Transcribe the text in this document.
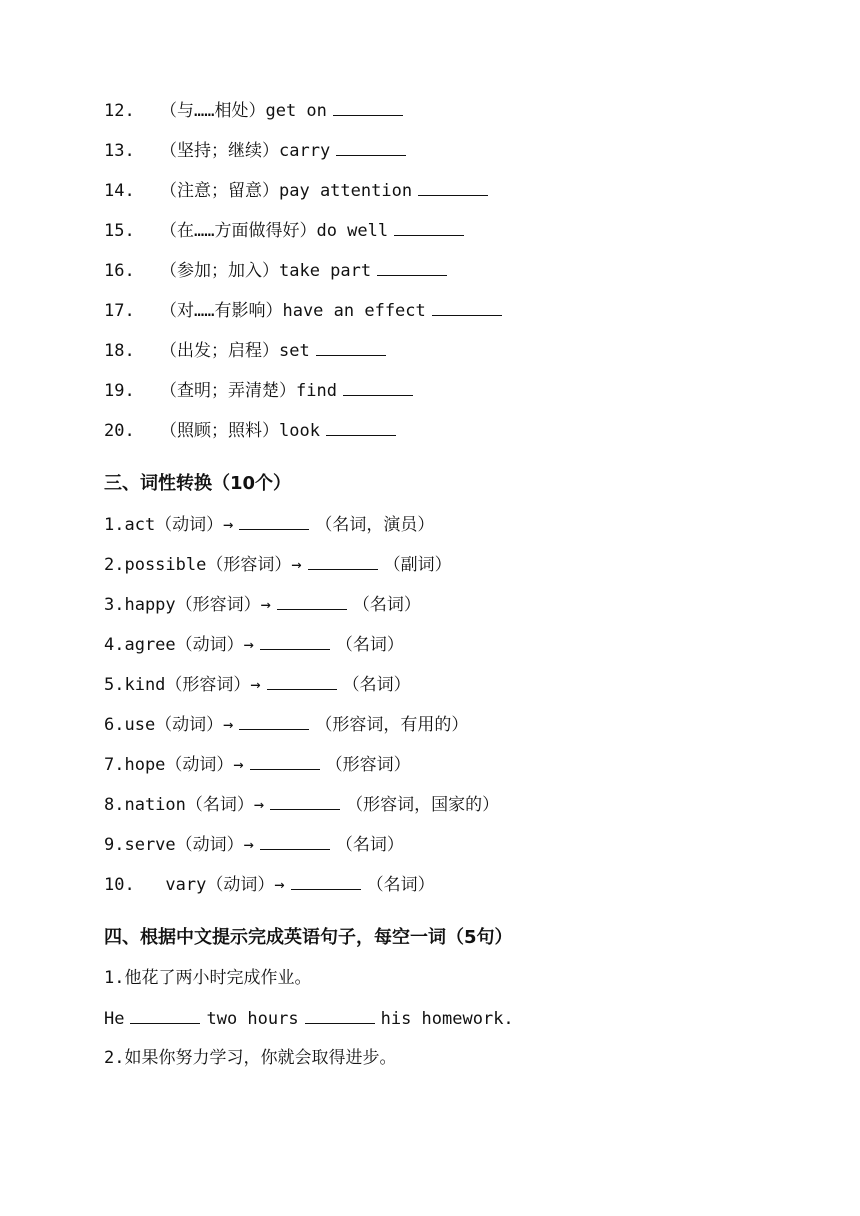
12. （与……相处）get on
13. （坚持；继续）carry
14. （注意；留意）pay attention
15. （在……方面做得好）do well
16. （参加；加入）take part
17. （对……有影响）have an effect
18. （出发；启程）set
19. （查明；弄清楚）find
20. （照顾；照料）look
三、词性转换（10个）
1.act（动词）→	（名词，演员）
2.possible（形容词）→	（副词）
3.happy（形容词）→	（名词）
4.agree（动词）→	（名词）
5.kind（形容词）→	（名词）
6.use（动词）→	（形容词，有用的）
7.hope（动词）→	（形容词）
8.nation（名词）→	（形容词，国家的）
9.serve（动词）→	（名词）
10.   vary（动词）→	（名词）
四、根据中文提示完成英语句子，每空一词（5句）
1.他花了两小时完成作业。
He	two hours	his homework.
2.如果你努力学习，你就会取得进步。
